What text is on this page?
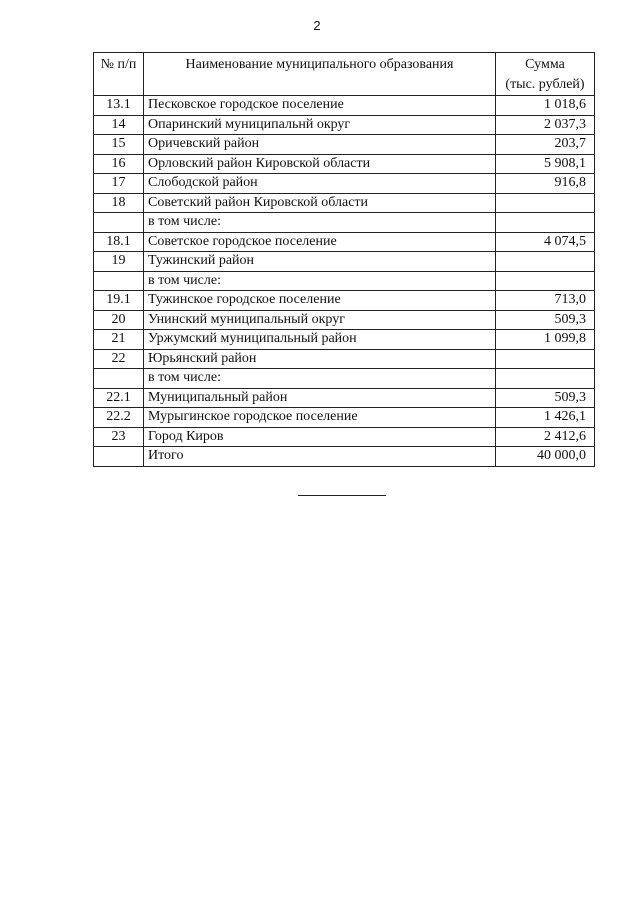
2
№ п/п	Наименование муниципального образования	Сумма
(тыс. рублей)

13.1	Песковское городское поселение	1 018,6
14	Опаринский муниципальнй округ	2 037,3
15	Оричевский район	203,7
16	Орловский район Кировской области	5 908,1
17	Слободской район	916,8
18	Советский район Кировской области	
	в том числе:	
18.1	Советское городское поселение	4 074,5
19	Тужинский район	
	в том числе:	
19.1	Тужинское городское поселение	713,0
20	Унинский муниципальный округ	509,3
21	Уржумский муниципальный район	1 099,8
22	Юрьянский район	
	в том числе:	
22.1	Муниципальный район	509,3
22.2	Мурыгинское городское поселение	1 426,1
23	Город Киров	2 412,6
	Итого	40 000,0
